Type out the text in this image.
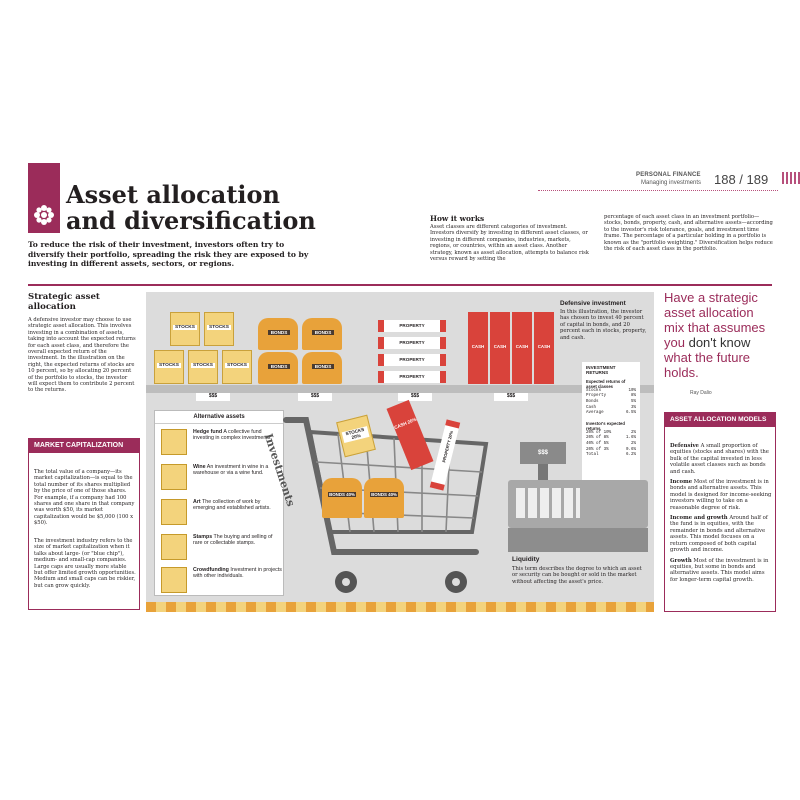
PERSONAL FINANCE
Managing investments 188 / 189
Asset allocation
and diversification
To reduce the risk of their investment, investors often try to diversify their portfolio, spreading the risk they are exposed to by investing in different assets, sectors, or regions.
How it works
Asset classes are different categories of investment. Investors diversify by investing in different asset classes, or investing in different companies, industries, markets, regions, or countries, within an asset class. Another strategy, known as asset allocation, attempts to balance risk versus reward by setting the
percentage of each asset class in an investment portfolio—stocks, bonds, property, cash, and alternative assets—according to the investor's risk tolerance, goals, and investment time frame. The percentage of a particular holding in a portfolio is known as the "portfolio weighting." Diversification helps reduce the risk of each asset class in the portfolio.
Strategic asset allocation
A defensive investor may choose to use strategic asset allocation. This involves investing in a combination of assets, taking into account the expected returns for each asset class, and therefore the overall expected return of the investment. In the illustration on the right, the expected returns of stocks are 10 percent, so by allocating 20 percent of the portfolio to stocks, the investor will expect them to contribute 2 percent to the returns.
MARKET CAPITALIZATION
The total value of a company—its market capitalization—is equal to the total number of its shares multiplied by the price of one of those shares. For example, if a company had 100 shares and one share in that company was worth $50, its market capitalization would be $5,000 (100 x $50).
The investment industry refers to the size of market capitalization when it talks about large- (or "blue chip"), medium- and small-cap companies. Large caps are usually more stable but offer limited growth opportunities. Medium and small caps can be riskier, but can grow quickly.
$$$	$$$	$$$	$$$
STOCKS	STOCKS
STOCKS	STOCKS	STOCKS
BONDS	BONDS
BONDS	BONDS
PROPERTY
PROPERTY
PROPERTY
PROPERTY
CASH	CASH	CASH	CASH
Defensive investment
In this illustration, the investor has chosen to invest 40 percent of capital in bonds, and 20 percent each in stocks, property, and cash.
INVESTMENT RETURNS
Expected returns of asset classes
Stocks	10%
Property	8%
Bonds	5%
Cash	3%
Average	6.5%
Investor's expected returns
20% of 10%	2%
20% of 8%	1.6%
40% of 5%	2%
20% of 3%	0.6%
Total	6.2%
Alternative assets
Hedge fund A collective fund investing in complex investments.
Wine An investment in wine in a warehouse or via a wine fund.
Art The collection of work by emerging and established artists.
Stamps The buying and selling of rare or collectable stamps.
Crowdfunding Investment in projects with other individuals.
Investments
STOCKS 20%
CASH 20%
PROPERTY 20%
BONDS 40%	BONDS 40%
$$$
Liquidity
This term describes the degree to which an asset or security can be bought or sold in the market without affecting the asset's price.
Have a strategic asset allocation mix that assumes you don't know what the future holds.
Ray Dalio
ASSET ALLOCATION MODELS
Defensive A small proportion of equities (stocks and shares) with the bulk of the capital invested in less volatile asset classes such as bonds and cash.
Income Most of the investment is in bonds and alternative assets. This model is designed for income-seeking investors willing to take on a reasonable degree of risk.
Income and growth Around half of the fund is in equities, with the remainder in bonds and alternative assets. This model focuses on a return composed of both capital growth and income.
Growth Most of the investment is in equities, but some in bonds and alternative assets. This model aims for longer-term capital growth.
